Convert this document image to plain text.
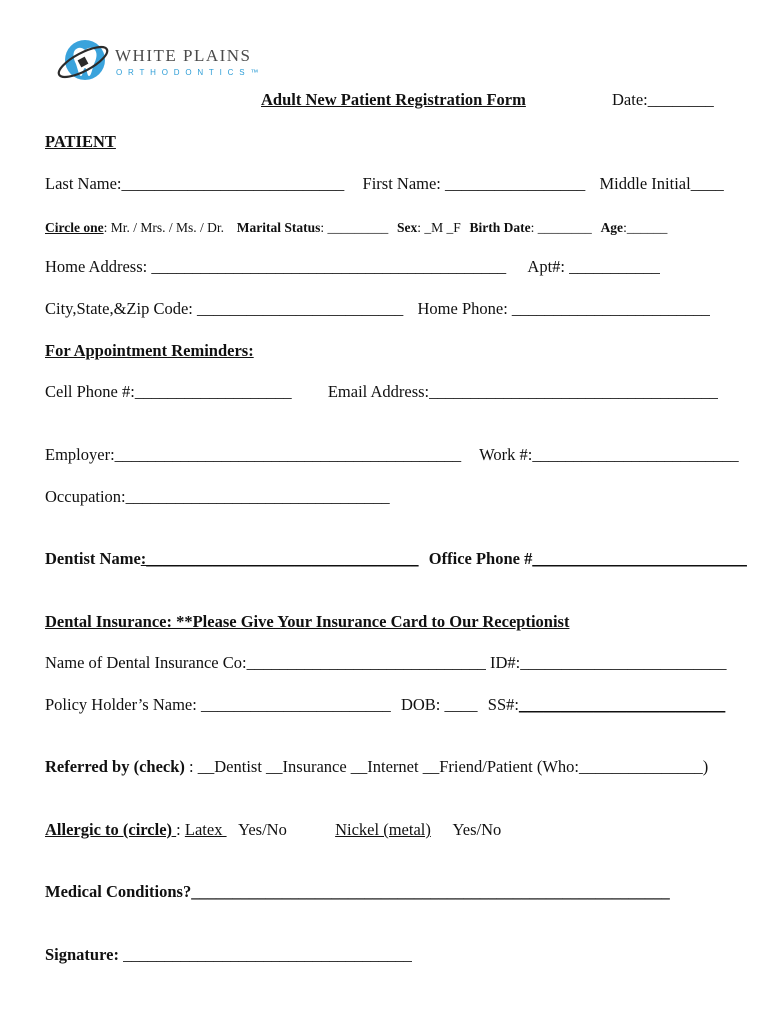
WHITE PLAINS
ORTHODONTICS™
Adult New Patient Registration Form	Date:________
PATIENT
Last Name:___________________________ First Name: _________________ Middle Initial____
Circle one: Mr. / Mrs. / Ms. / Dr. Marital Status: _________ Sex: _M _F Birth Date: ________ Age:______
Home Address: ___________________________________________ Apt#: ___________
City,State,&Zip Code: _________________________ Home Phone: ________________________
For Appointment Reminders:
Cell Phone #:___________________ Email Address:___________________________________
Employer:__________________________________________ Work #:_________________________
Occupation:________________________________
Dentist Name:_________________________________ Office Phone #__________________________
Dental Insurance: **Please Give Your Insurance Card to Our Receptionist
Name of Dental Insurance Co:_____________________________ ID#:_________________________
Policy Holder’s Name: _______________________ DOB: ____ SS#:_________________________
Referred by (check) : __Dentist __Insurance __Internet __Friend/Patient (Who:_______________)
Allergic to (circle) : Latex  Yes/No	Nickel (metal) Yes/No
Medical Conditions?__________________________________________________________
Signature: ___________________________________
